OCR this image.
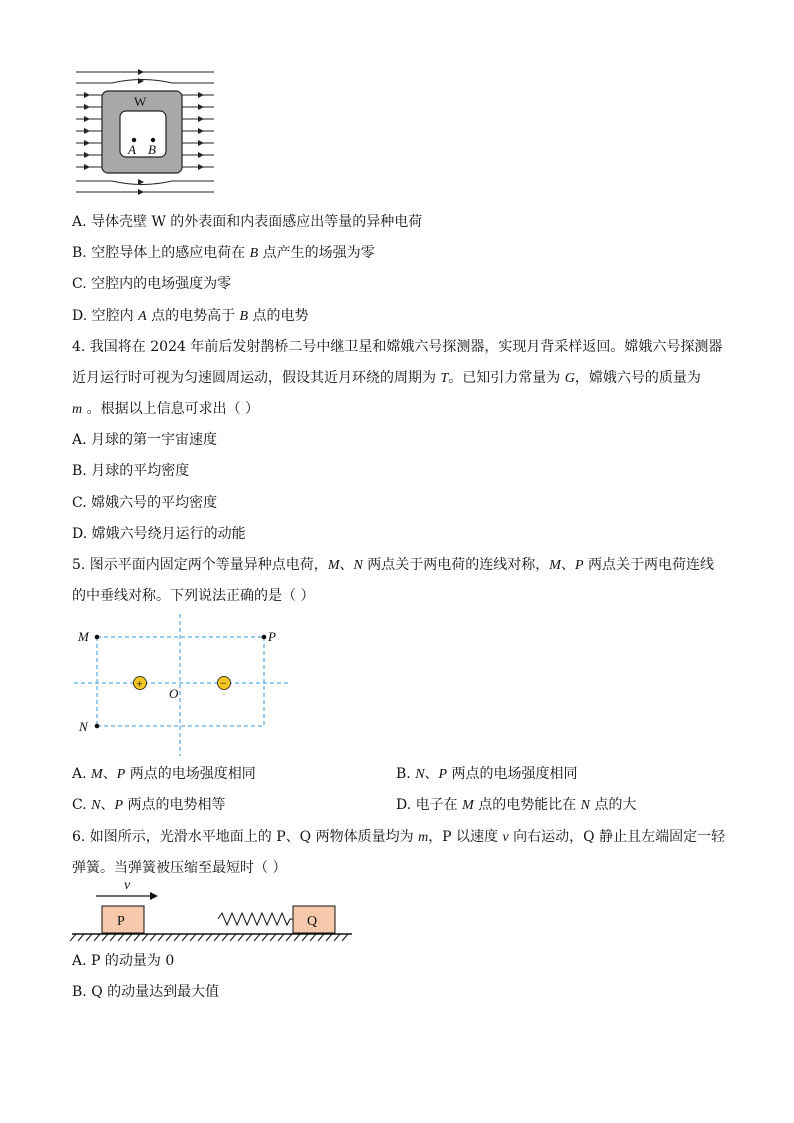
W
A B
A. 导体壳壁 W 的外表面和内表面感应出等量的异种电荷
B. 空腔导体上的感应电荷在 B 点产生的场强为零
C. 空腔内的电场强度为零
D. 空腔内 A 点的电势高于 B 点的电势
4. 我国将在 2024 年前后发射鹊桥二号中继卫星和嫦娥六号探测器，实现月背采样返回。嫦娥六号探测器
近月运行时可视为匀速圆周运动，假设其近月环绕的周期为 T。已知引力常量为 G，嫦娥六号的质量为
m 。根据以上信息可求出（ ）
A. 月球的第一宇宙速度
B. 月球的平均密度
C. 嫦娥六号的平均密度
D. 嫦娥六号绕月运行的动能
5. 图示平面内固定两个等量异种点电荷，M、N 两点关于两电荷的连线对称，M、P 两点关于两电荷连线
的中垂线对称。下列说法正确的是（ ）
M	P
N
O
+	−
A. M、P 两点的电场强度相同	B. N、P 两点的电场强度相同
C. N、P 两点的电势相等	D. 电子在 M 点的电势能比在 N 点的大
6. 如图所示，光滑水平地面上的 P、Q 两物体质量均为 m，P 以速度 v 向右运动，Q 静止且左端固定一轻
弹簧。当弹簧被压缩至最短时（ ）
v
P	Q
A. P 的动量为 0
B. Q 的动量达到最大值
